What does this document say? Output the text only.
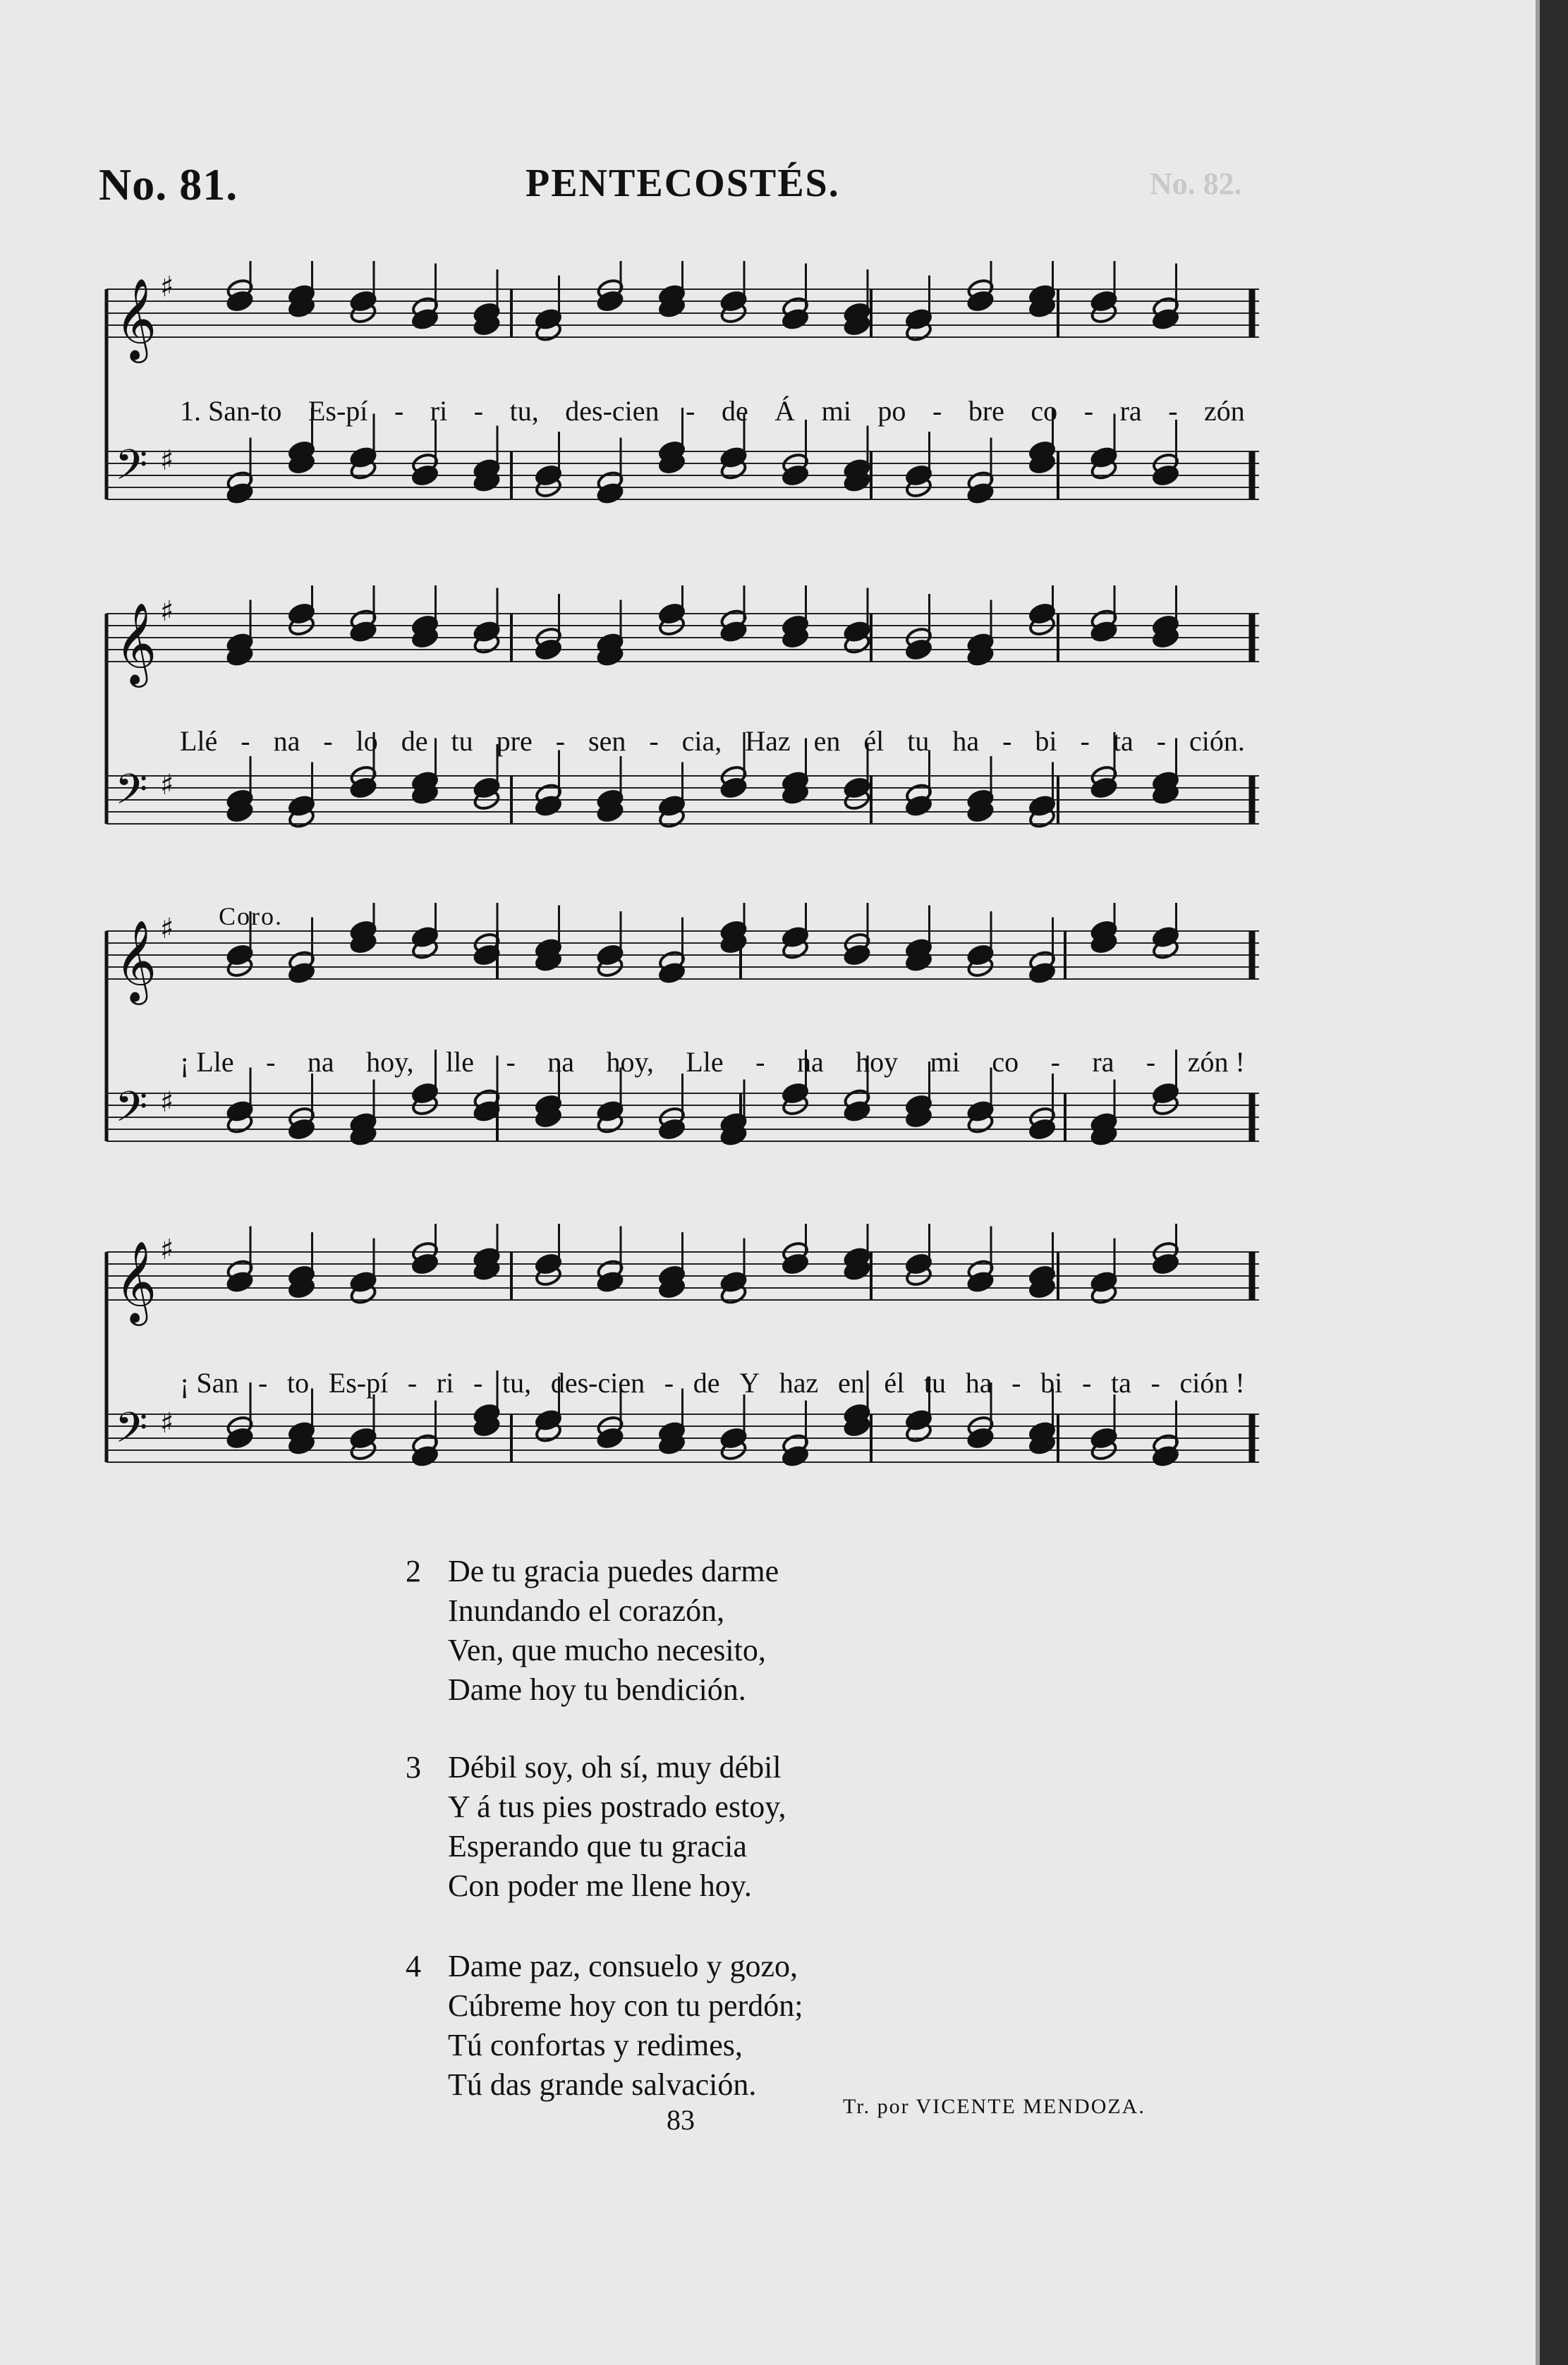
No. 82.
No. 81.	PENTECOSTÉS.
𝄞 ♯
𝄢 ♯
1. San-to Es-pí - ri - tu, des-cien - de Á mi po - bre co - ra - zón
𝄞 ♯
𝄢 ♯
Llé - na - lo de tu pre - sen - cia, Haz en él tu ha - bi - ta - ción.
Coro.
𝄞 ♯
𝄢 ♯
¡ Lle - na hoy, lle - na hoy, Lle - na hoy mi co - ra - zón !
𝄞 ♯
𝄢 ♯
¡ San - to Es-pí - ri - tu, des-cien - de Y haz en él tu ha - bi - ta - ción !
2 De tu gracia puedes darme
Inundando el corazón,
Ven, que mucho necesito,
Dame hoy tu bendición.
3 Débil soy, oh sí, muy débil
Y á tus pies postrado estoy,
Esperando que tu gracia
Con poder me llene hoy.
4 Dame paz, consuelo y gozo,
Cúbreme hoy con tu perdón;
Tú confortas y redimes,
Tú das grande salvación.
83	Tr. por VICENTE MENDOZA.
